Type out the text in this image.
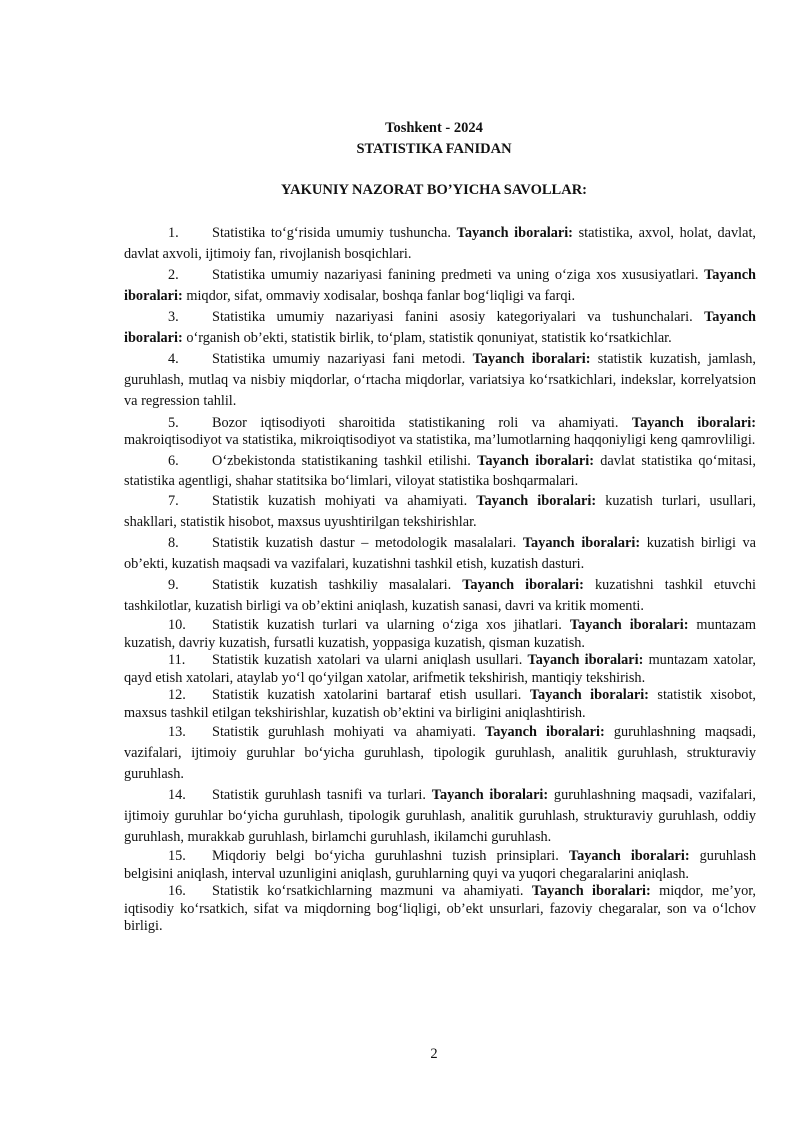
Toshkent - 2024
STATISTIKA FANIDAN
YAKUNIY NAZORAT BO’YICHA SAVOLLAR:
1. Statistika to‘g‘risida umumiy tushuncha. Tayanch iboralari: statistika, axvol, holat, davlat, davlat axvoli, ijtimoiy fan, rivojlanish bosqichlari.
2. Statistika umumiy nazariyasi fanining predmeti va uning o‘ziga xos xususiyatlari. Tayanch iboralari: miqdor, sifat, ommaviy xodisalar, boshqa fanlar bog‘liqligi va farqi.
3. Statistika umumiy nazariyasi fanini asosiy kategoriyalari va tushunchalari. Tayanch iboralari: o‘rganish ob’ekti, statistik birlik, to‘plam, statistik qonuniyat, statistik ko‘rsatkichlar.
4. Statistika umumiy nazariyasi fani metodi. Tayanch iboralari: statistik kuzatish, jamlash, guruhlash, mutlaq va nisbiy miqdorlar, o‘rtacha miqdorlar, variatsiya ko‘rsatkichlari, indekslar, korrelyatsion va regression tahlil.
5. Bozor iqtisodiyoti sharoitida statistikaning roli va ahamiyati. Tayanch iboralari: makroiqtisodiyot va statistika, mikroiqtisodiyot va statistika, ma’lumotlarning haqqoniyligi keng qamrovliligi.
6. O‘zbekistonda statistikaning tashkil etilishi. Tayanch iboralari: davlat statistika qo‘mitasi, statistika agentligi, shahar statitsika bo‘limlari, viloyat statistika boshqarmalari.
7. Statistik kuzatish mohiyati va ahamiyati. Tayanch iboralari: kuzatish turlari, usullari, shakllari, statistik hisobot, maxsus uyushtirilgan tekshirishlar.
8. Statistik kuzatish dastur – metodologik masalalari. Tayanch iboralari: kuzatish birligi va ob’ekti, kuzatish maqsadi va vazifalari, kuzatishni tashkil etish, kuzatish dasturi.
9. Statistik kuzatish tashkiliy masalalari. Tayanch iboralari: kuzatishni tashkil etuvchi tashkilotlar, kuzatish birligi va ob’ektini aniqlash, kuzatish sanasi, davri va kritik momenti.
10. Statistik kuzatish turlari va ularning o‘ziga xos jihatlari. Tayanch iboralari: muntazam kuzatish, davriy kuzatish, fursatli kuzatish, yoppasiga kuzatish, qisman kuzatish.
11. Statistik kuzatish xatolari va ularni aniqlash usullari. Tayanch iboralari: muntazam xatolar, qayd etish xatolari, ataylab yo‘l qo‘yilgan xatolar, arifmetik tekshirish, mantiqiy tekshirish.
12. Statistik kuzatish xatolarini bartaraf etish usullari. Tayanch iboralari: statistik xisobot, maxsus tashkil etilgan tekshirishlar, kuzatish ob’ektini va birligini aniqlashtirish.
13. Statistik guruhlash mohiyati va ahamiyati. Tayanch iboralari: guruhlashning maqsadi, vazifalari, ijtimoiy guruhlar bo‘yicha guruhlash, tipologik guruhlash, analitik guruhlash, strukturaviy guruhlash.
14. Statistik guruhlash tasnifi va turlari. Tayanch iboralari: guruhlashning maqsadi, vazifalari, ijtimoiy guruhlar bo‘yicha guruhlash, tipologik guruhlash, analitik guruhlash, strukturaviy guruhlash, oddiy guruhlash, murakkab guruhlash, birlamchi guruhlash, ikilamchi guruhlash.
15. Miqdoriy belgi bo‘yicha guruhlashni tuzish prinsiplari. Tayanch iboralari: guruhlash belgisini aniqlash, interval uzunligini aniqlash, guruhlarning quyi va yuqori chegaralarini aniqlash.
16. Statistik ko‘rsatkichlarning mazmuni va ahamiyati. Tayanch iboralari: miqdor, me’yor, iqtisodiy ko‘rsatkich, sifat va miqdorning bog‘liqligi, ob’ekt unsurlari, fazoviy chegaralar, son va o‘lchov birligi.
2
